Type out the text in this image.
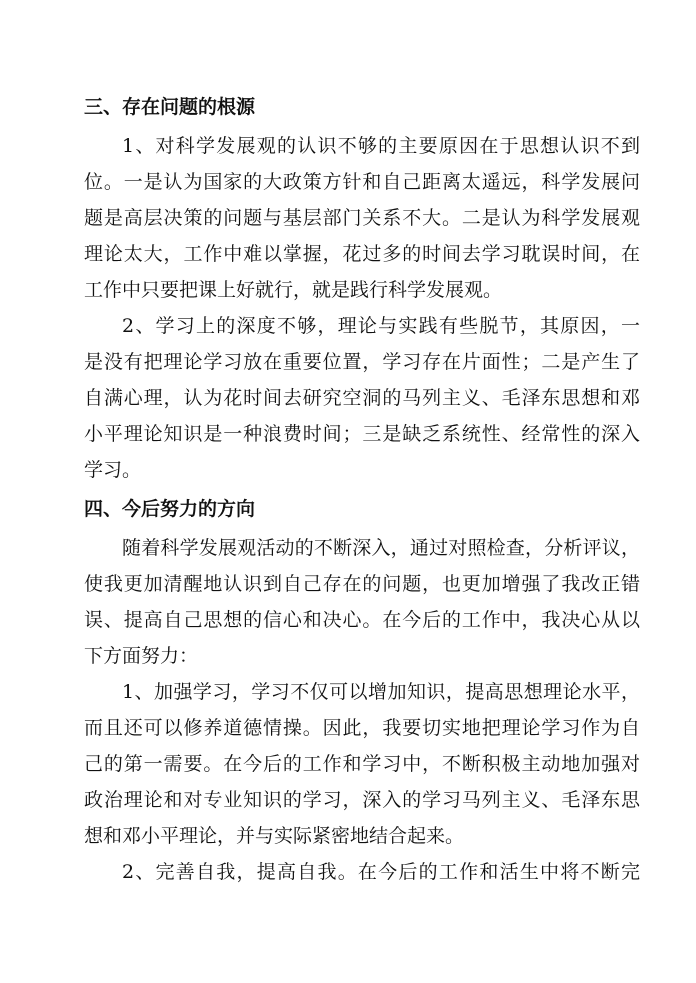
三、存在问题的根源
1、对科学发展观的认识不够的主要原因在于思想认识不到
位。一是认为国家的大政策方针和自己距离太遥远，科学发展问
题是高层决策的问题与基层部门关系不大。二是认为科学发展观
理论太大，工作中难以掌握，花过多的时间去学习耽误时间，在
工作中只要把课上好就行，就是践行科学发展观。
2、学习上的深度不够，理论与实践有些脱节，其原因，一
是没有把理论学习放在重要位置，学习存在片面性；二是产生了
自满心理，认为花时间去研究空洞的马列主义、毛泽东思想和邓
小平理论知识是一种浪费时间；三是缺乏系统性、经常性的深入
学习。
四、今后努力的方向
随着科学发展观活动的不断深入，通过对照检查，分析评议，
使我更加清醒地认识到自己存在的问题，也更加增强了我改正错
误、提高自己思想的信心和决心。在今后的工作中，我决心从以
下方面努力：
1、加强学习，学习不仅可以增加知识，提高思想理论水平，
而且还可以修养道德情操。因此，我要切实地把理论学习作为自
己的第一需要。在今后的工作和学习中，不断积极主动地加强对
政治理论和对专业知识的学习，深入的学习马列主义、毛泽东思
想和邓小平理论，并与实际紧密地结合起来。
2、完善自我，提高自我。在今后的工作和活生中将不断完
